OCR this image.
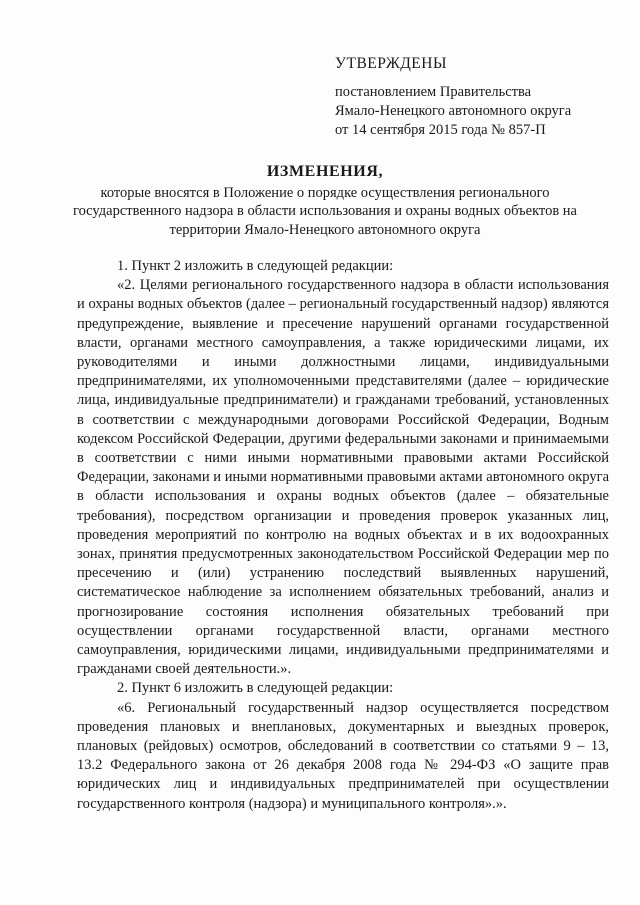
УТВЕРЖДЕНЫ
постановлением Правительства
Ямало-Ненецкого автономного округа
от 14 сентября 2015 года № 857-П
ИЗМЕНЕНИЯ,
которые вносятся в Положение о порядке осуществления регионального государственного надзора в области использования и охраны водных объектов на территории Ямало-Ненецкого автономного округа

1. Пункт 2 изложить в следующей редакции:

«2. Целями регионального государственного надзора в области использования и охраны водных объектов (далее – региональный государственный надзор) являются предупреждение, выявление и пресечение нарушений органами государственной власти, органами местного самоуправления, а также юридическими лицами, их руководителями и иными должностными лицами, индивидуальными предпринимателями, их уполномоченными представителями (далее – юридические лица, индивидуальные предприниматели) и гражданами требований, установленных в соответствии с международными договорами Российской Федерации, Водным кодексом Российской Федерации, другими федеральными законами и принимаемыми в соответствии с ними иными нормативными правовыми актами Российской Федерации, законами и иными нормативными правовыми актами автономного округа в области использования и охраны водных объектов (далее – обязательные требования), посредством организации и проведения проверок указанных лиц, проведения мероприятий по контролю на водных объектах и в их водоохранных зонах, принятия предусмотренных законодательством Российской Федерации мер по пресечению и (или) устранению последствий выявленных нарушений, систематическое наблюдение за исполнением обязательных требований, анализ и прогнозирование состояния исполнения обязательных требований при осуществлении органами государственной власти, органами местного самоуправления, юридическими лицами, индивидуальными предпринимателями и гражданами своей деятельности.».

2. Пункт 6 изложить в следующей редакции:

«6. Региональный государственный надзор осуществляется посредством проведения плановых и внеплановых, документарных и выездных проверок, плановых (рейдовых) осмотров, обследований в соответствии со статьями 9 – 13, 13.2 Федерального закона от 26 декабря 2008 года № 294-ФЗ «О защите прав юридических лиц и индивидуальных предпринимателей при осуществлении государственного контроля (надзора) и муниципального контроля».».
